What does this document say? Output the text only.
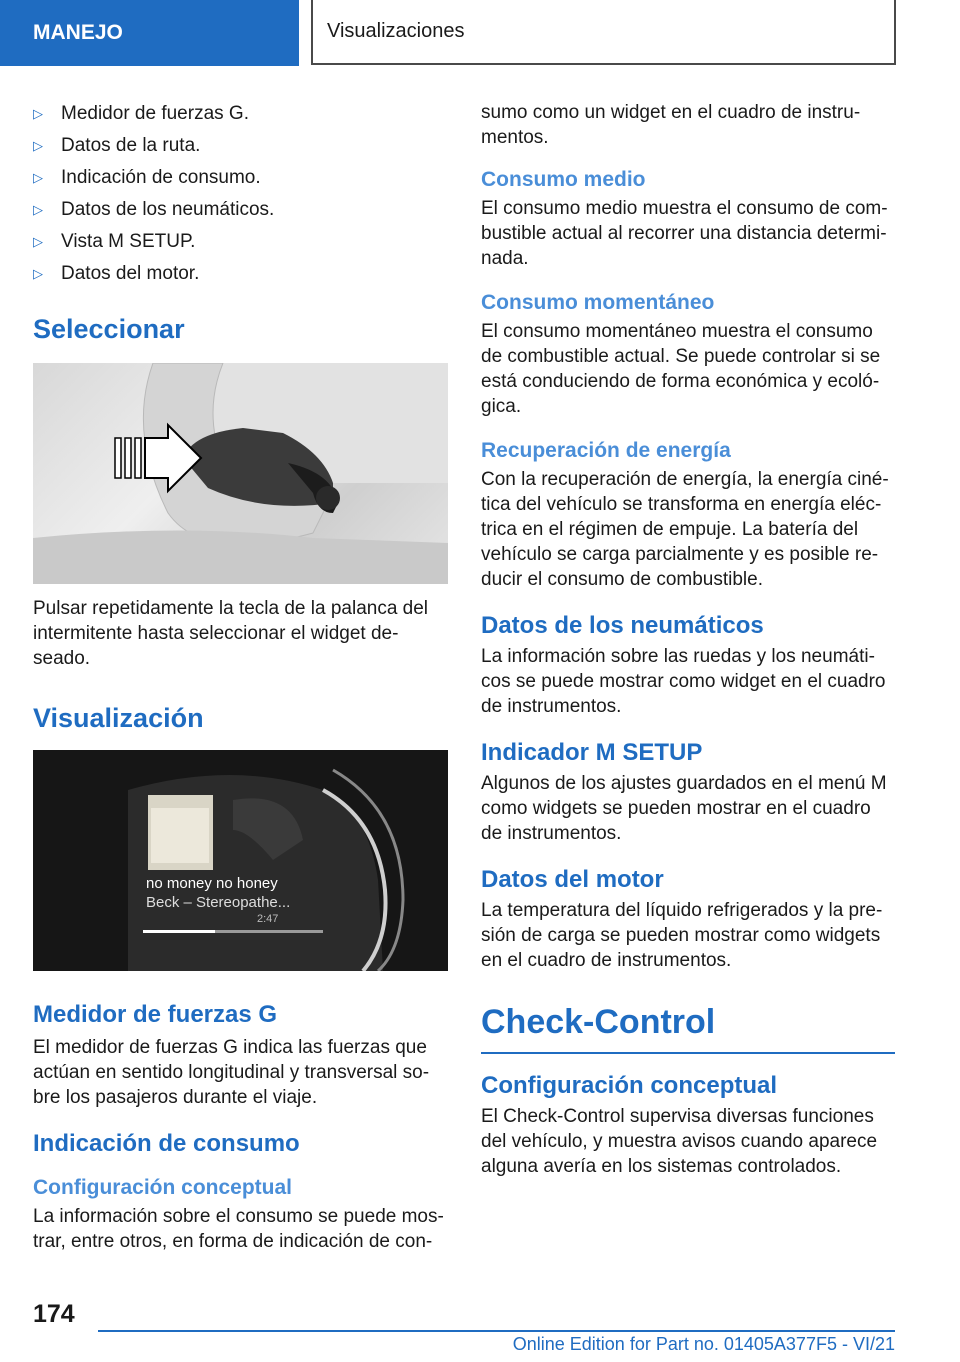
MANEJO	Visualizaciones
▷ Medidor de fuerzas G.
▷ Datos de la ruta.
▷ Indicación de consumo.
▷ Datos de los neumáticos.
▷ Vista M SETUP.
▷ Datos del motor.
Seleccionar

Pulsar repetidamente la tecla de la palanca del intermitente hasta seleccionar el widget deseado.

Visualización
no money no honey
Beck – Stereopathe...
2:47
Medidor de fuerzas G

El medidor de fuerzas G indica las fuerzas que actúan en sentido longitudinal y transversal sobre los pasajeros durante el viaje.

Indicación de consumo
Configuración conceptual

La información sobre el consumo se puede mostrar, entre otros, en forma de indicación de con-

sumo como un widget en el cuadro de instrumentos.

Consumo medio

El consumo medio muestra el consumo de combustible actual al recorrer una distancia determinada.

Consumo momentáneo

El consumo momentáneo muestra el consumo de combustible actual. Se puede controlar si se está conduciendo de forma económica y ecológica.

Recuperación de energía

Con la recuperación de energía, la energía cinética del vehículo se transforma en energía eléctrica en el régimen de empuje. La batería del vehículo se carga parcialmente y es posible reducir el consumo de combustible.

Datos de los neumáticos

La información sobre las ruedas y los neumáticos se puede mostrar como widget en el cuadro de instrumentos.

Indicador M SETUP

Algunos de los ajustes guardados en el menú M como widgets se pueden mostrar en el cuadro de instrumentos.

Datos del motor

La temperatura del líquido refrigerados y la presión de carga se pueden mostrar como widgets en el cuadro de instrumentos.

Check-Control
Configuración conceptual

El Check-Control supervisa diversas funciones del vehículo, y muestra avisos cuando aparece alguna avería en los sistemas controlados.

174
Online Edition for Part no. 01405A377F5 - VI/21
